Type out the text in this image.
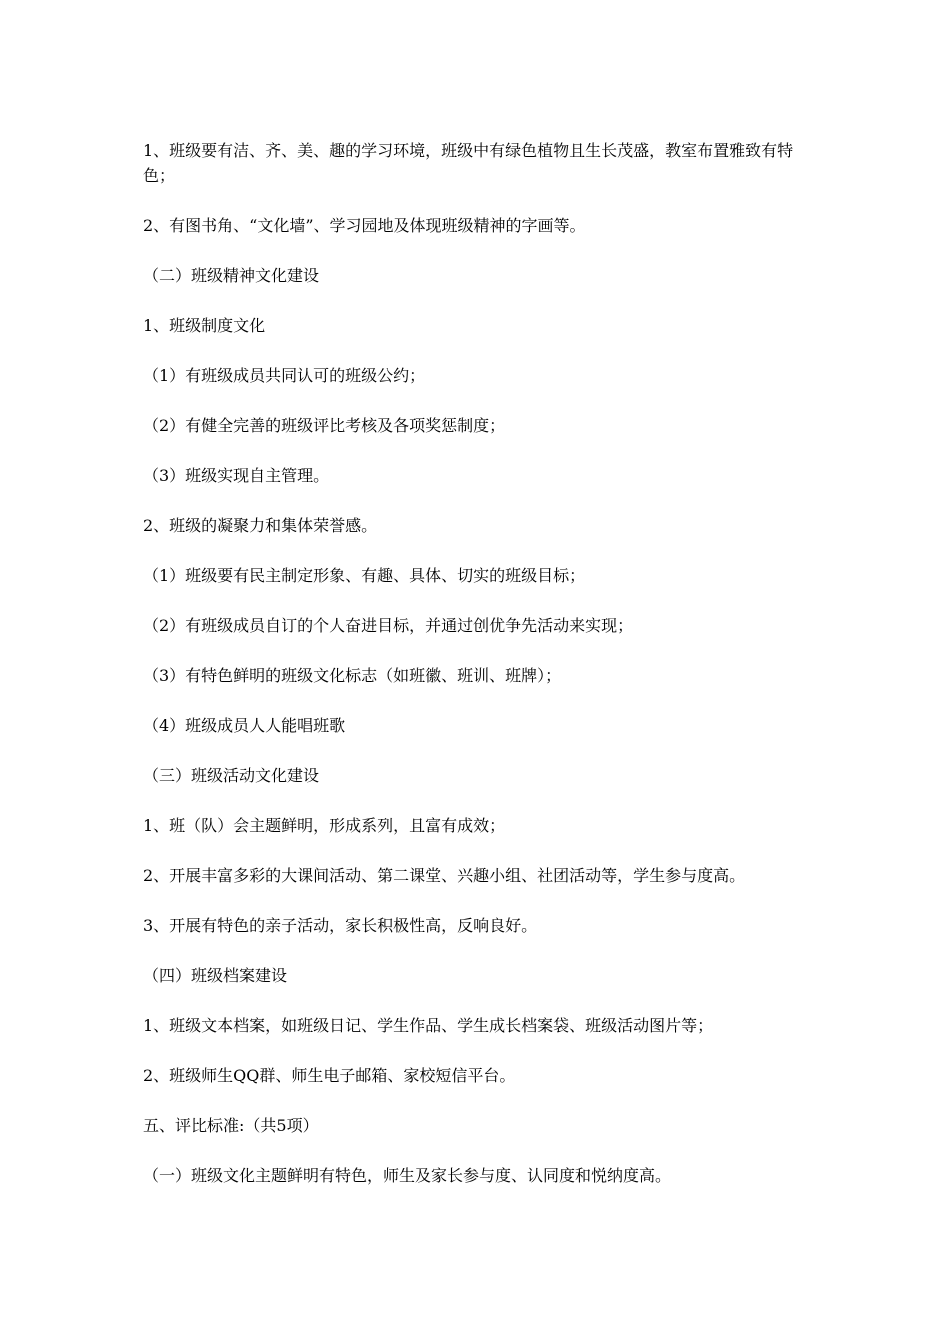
1、班级要有洁、齐、美、趣的学习环境，班级中有绿色植物且生长茂盛，教室布置雅致有特色；

2、有图书角、“文化墙”、学习园地及体现班级精神的字画等。

（二）班级精神文化建设

1、班级制度文化

（1）有班级成员共同认可的班级公约；

（2）有健全完善的班级评比考核及各项奖惩制度；

（3）班级实现自主管理。

2、班级的凝聚力和集体荣誉感。

（1）班级要有民主制定形象、有趣、具体、切实的班级目标；

（2）有班级成员自订的个人奋进目标，并通过创优争先活动来实现；

（3）有特色鲜明的班级文化标志（如班徽、班训、班牌）；

（4）班级成员人人能唱班歌

（三）班级活动文化建设

1、班（队）会主题鲜明，形成系列，且富有成效；

2、开展丰富多彩的大课间活动、第二课堂、兴趣小组、社团活动等，学生参与度高。

3、开展有特色的亲子活动，家长积极性高，反响良好。

（四）班级档案建设

1、班级文本档案，如班级日记、学生作品、学生成长档案袋、班级活动图片等；

2、班级师生QQ群、师生电子邮箱、家校短信平台。

五、评比标准:（共5项）

（一）班级文化主题鲜明有特色，师生及家长参与度、认同度和悦纳度高。
